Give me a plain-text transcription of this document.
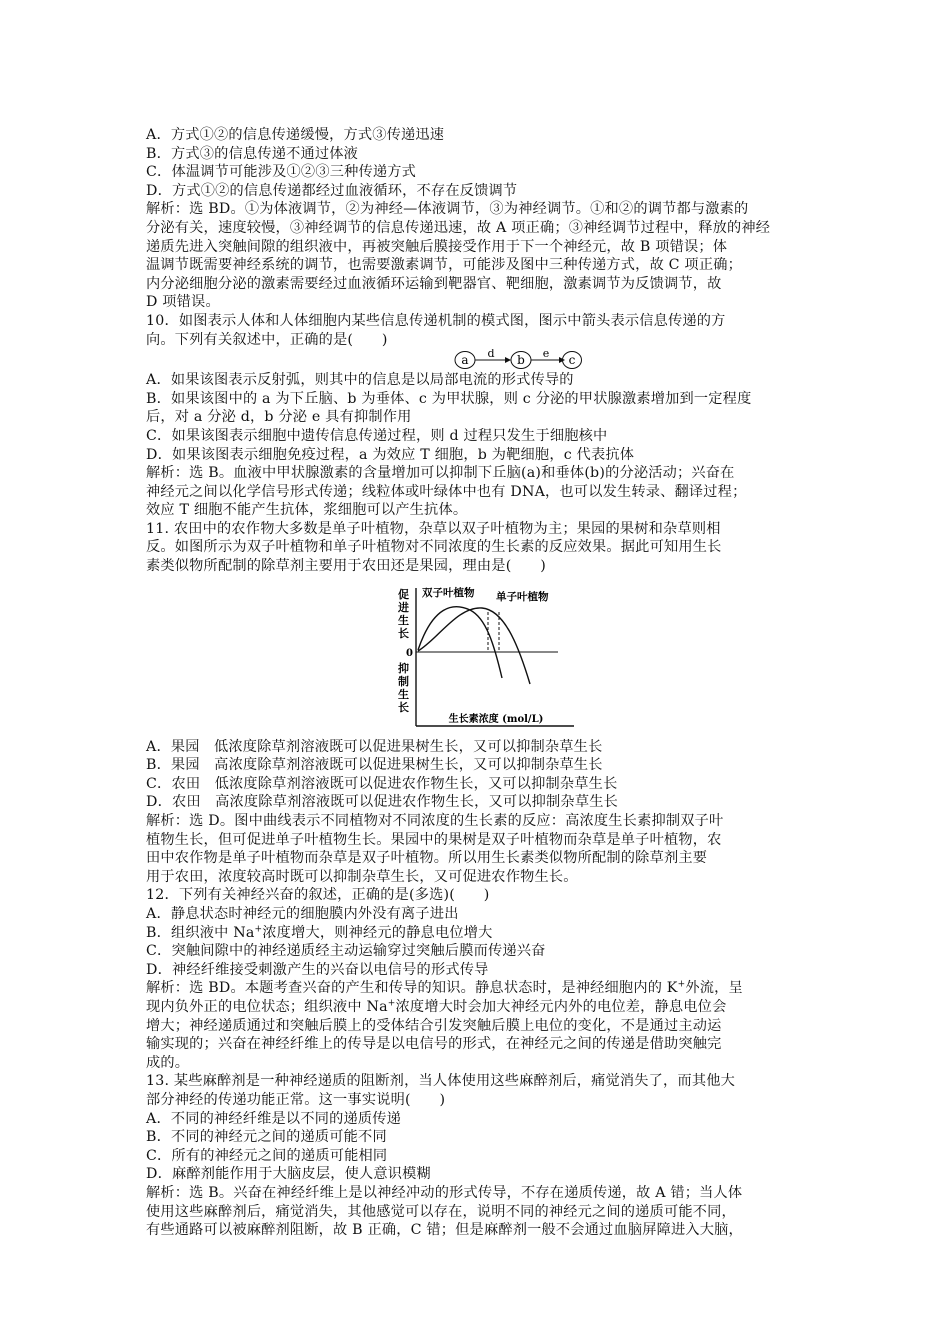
A．方式①②的信息传递缓慢，方式③传递迅速
B．方式③的信息传递不通过体液
C．体温调节可能涉及①②③三种传递方式
D．方式①②的信息传递都经过血液循环，不存在反馈调节
解析：选 BD。①为体液调节，②为神经—体液调节，③为神经调节。①和②的调节都与激素的
分泌有关，速度较慢，③神经调节的信息传递迅速，故 A 项正确；③神经调节过程中，释放的神经
递质先进入突触间隙的组织液中，再被突触后膜接受作用于下一个神经元，故 B 项错误；体
温调节既需要神经系统的调节，也需要激素调节，可能涉及图中三种传递方式，故 C 项正确；
内分泌细胞分泌的激素需要经过血液循环运输到靶器官、靶细胞，激素调节为反馈调节，故
D 项错误。
10．如图表示人体和人体细胞内某些信息传递机制的模式图，图示中箭头表示信息传递的方
向。下列有关叙述中，正确的是(　　)
a d b e c
A．如果该图表示反射弧，则其中的信息是以局部电流的形式传导的
B．如果该图中的 a 为下丘脑、b 为垂体、c 为甲状腺，则 c 分泌的甲状腺激素增加到一定程度
后，对 a 分泌 d，b 分泌 e 具有抑制作用
C．如果该图表示细胞中遗传信息传递过程，则 d 过程只发生于细胞核中
D．如果该图表示细胞免疫过程，a 为效应 T 细胞，b 为靶细胞，c 代表抗体
解析：选 B。血液中甲状腺激素的含量增加可以抑制下丘脑(a)和垂体(b)的分泌活动；兴奋在
神经元之间以化学信号形式传递；线粒体或叶绿体中也有 DNA，也可以发生转录、翻译过程；
效应 T 细胞不能产生抗体，浆细胞可以产生抗体。
11. 农田中的农作物大多数是单子叶植物，杂草以双子叶植物为主；果园的果树和杂草则相
反。如图所示为双子叶植物和单子叶植物对不同浓度的生长素的反应效果。据此可知用生长
素类似物所配制的除草剂主要用于农田还是果园，理由是(　　)
促
进
生
长
0
抑
制
生
长
双子叶植物 单子叶植物
生长素浓度 (mol/L)
A．果园　低浓度除草剂溶液既可以促进果树生长，又可以抑制杂草生长
B．果园　高浓度除草剂溶液既可以促进果树生长，又可以抑制杂草生长
C．农田　低浓度除草剂溶液既可以促进农作物生长，又可以抑制杂草生长
D．农田　高浓度除草剂溶液既可以促进农作物生长，又可以抑制杂草生长
解析：选 D。图中曲线表示不同植物对不同浓度的生长素的反应：高浓度生长素抑制双子叶
植物生长，但可促进单子叶植物生长。果园中的果树是双子叶植物而杂草是单子叶植物，农
田中农作物是单子叶植物而杂草是双子叶植物。所以用生长素类似物所配制的除草剂主要
用于农田，浓度较高时既可以抑制杂草生长，又可促进农作物生长。
12．下列有关神经兴奋的叙述，正确的是(多选)(　　)
A．静息状态时神经元的细胞膜内外没有离子进出
B．组织液中 Na+浓度增大，则神经元的静息电位增大
C．突触间隙中的神经递质经主动运输穿过突触后膜而传递兴奋
D．神经纤维接受刺激产生的兴奋以电信号的形式传导
解析：选 BD。本题考查兴奋的产生和传导的知识。静息状态时，是神经细胞内的 K+外流，呈
现内负外正的电位状态；组织液中 Na+浓度增大时会加大神经元内外的电位差，静息电位会
增大；神经递质通过和突触后膜上的受体结合引发突触后膜上电位的变化，不是通过主动运
输实现的；兴奋在神经纤维上的传导是以电信号的形式，在神经元之间的传递是借助突触完
成的。
13. 某些麻醉剂是一种神经递质的阻断剂，当人体使用这些麻醉剂后，痛觉消失了，而其他大
部分神经的传递功能正常。这一事实说明(　　)
A．不同的神经纤维是以不同的递质传递
B．不同的神经元之间的递质可能不同
C．所有的神经元之间的递质可能相同
D．麻醉剂能作用于大脑皮层，使人意识模糊
解析：选 B。兴奋在神经纤维上是以神经冲动的形式传导，不存在递质传递，故 A 错；当人体
使用这些麻醉剂后，痛觉消失，其他感觉可以存在，说明不同的神经元之间的递质可能不同，
有些通路可以被麻醉剂阻断，故 B 正确，C 错；但是麻醉剂一般不会通过血脑屏障进入大脑，
